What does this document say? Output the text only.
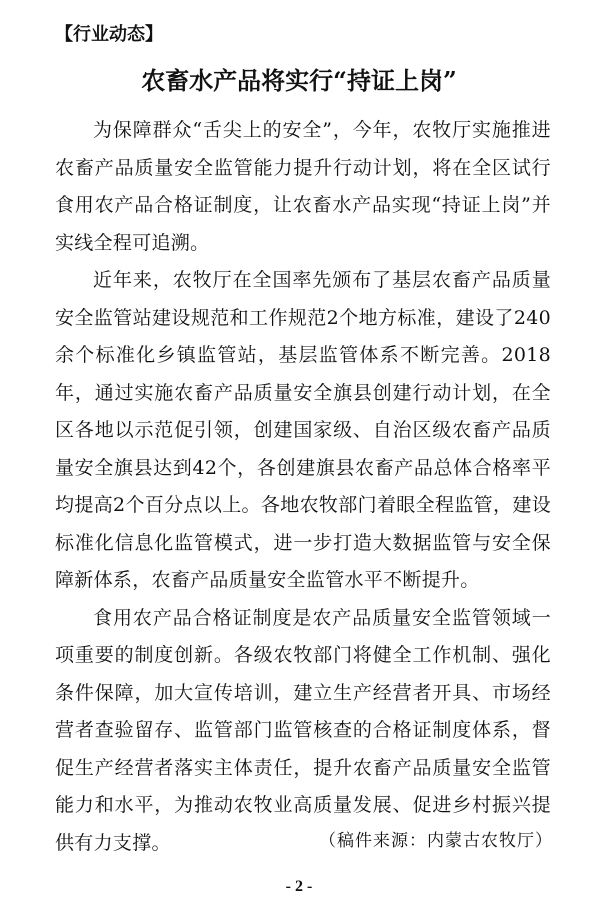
【行业动态】
农畜水产品将实行“持证上岗”

为保障群众“舌尖上的安全”，今年，农牧厅实施推进农畜产品质量安全监管能力提升行动计划，将在全区试行食用农产品合格证制度，让农畜水产品实现“持证上岗”并实线全程可追溯。

近年来，农牧厅在全国率先颁布了基层农畜产品质量安全监管站建设规范和工作规范2个地方标准，建设了240余个标准化乡镇监管站，基层监管体系不断完善。2018年，通过实施农畜产品质量安全旗县创建行动计划，在全区各地以示范促引领，创建国家级、自治区级农畜产品质量安全旗县达到42个，各创建旗县农畜产品总体合格率平均提高2个百分点以上。各地农牧部门着眼全程监管，建设标准化信息化监管模式，进一步打造大数据监管与安全保障新体系，农畜产品质量安全监管水平不断提升。

食用农产品合格证制度是农产品质量安全监管领域一项重要的制度创新。各级农牧部门将健全工作机制、强化条件保障，加大宣传培训，建立生产经营者开具、市场经营者查验留存、监管部门监管核查的合格证制度体系，督促生产经营者落实主体责任，提升农畜产品质量安全监管能力和水平，为推动农牧业高质量发展、促进乡村振兴提供有力支撑。	（稿件来源：内蒙古农牧厅）
- 2 -
